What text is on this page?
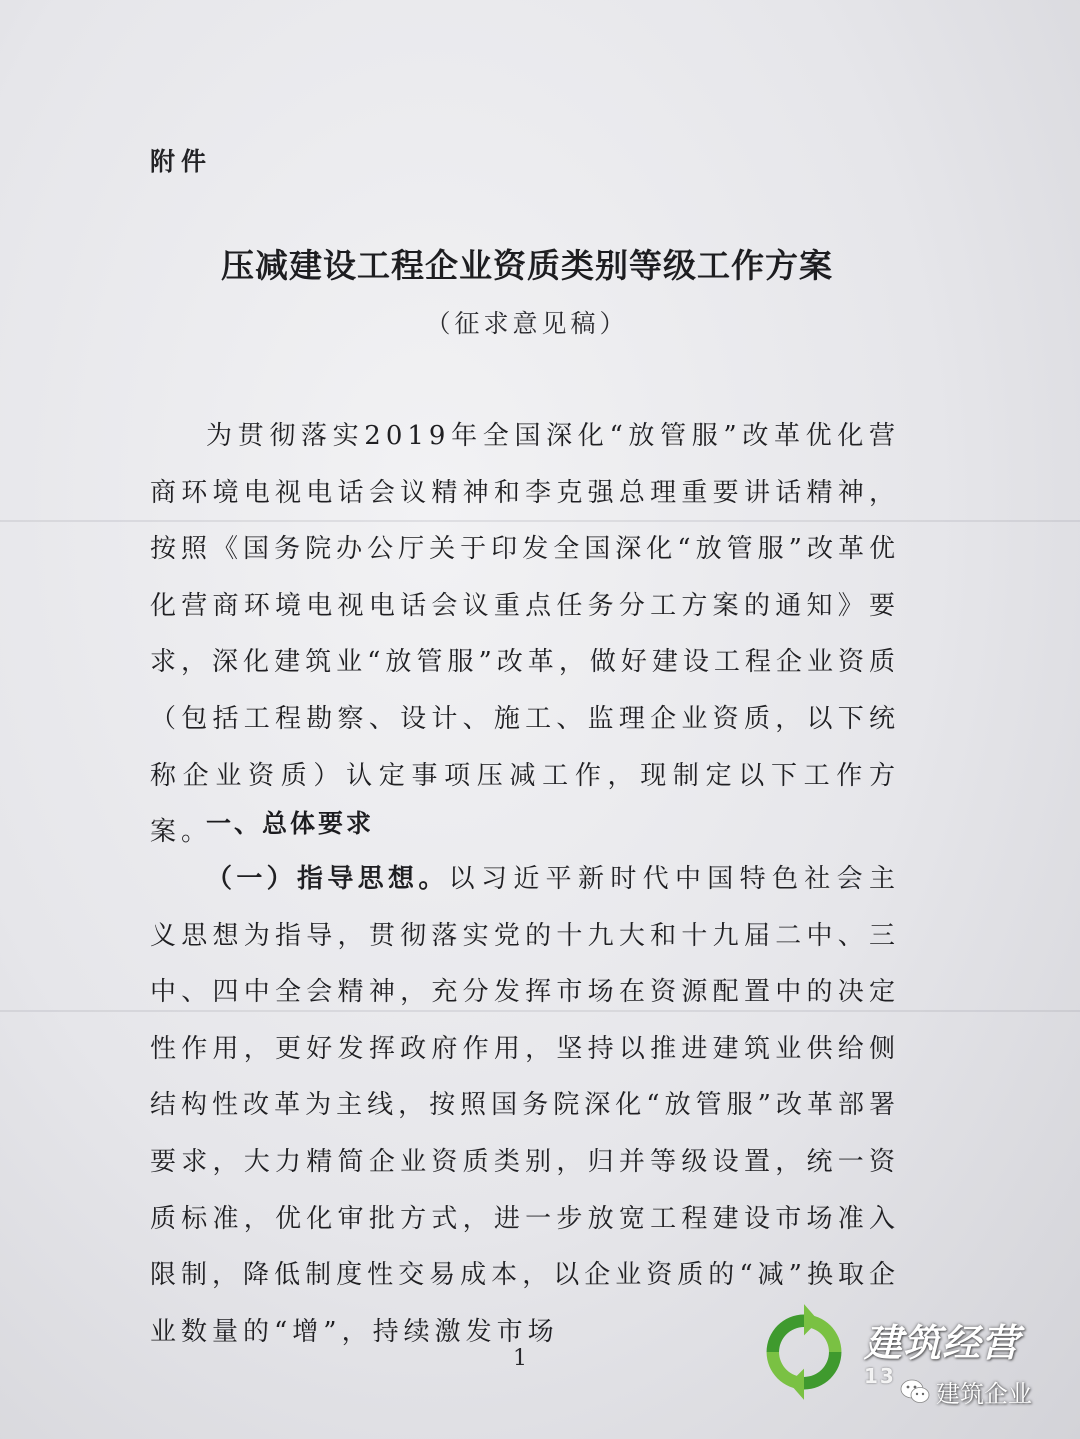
附件
压减建设工程企业资质类别等级工作方案
（征求意见稿）

为贯彻落实2019年全国深化“放管服”改革优化营商环境电视电话会议精神和李克强总理重要讲话精神，按照《国务院办公厅关于印发全国深化“放管服”改革优化营商环境电视电话会议重点任务分工方案的通知》要求，深化建筑业“放管服”改革，做好建设工程企业资质（包括工程勘察、设计、施工、监理企业资质，以下统称企业资质）认定事项压减工作，现制定以下工作方案。

一、总体要求

（一）指导思想。以习近平新时代中国特色社会主义思想为指导，贯彻落实党的十九大和十九届二中、三中、四中全会精神，充分发挥市场在资源配置中的决定性作用，更好发挥政府作用，坚持以推进建筑业供给侧结构性改革为主线，按照国务院深化“放管服”改革部署要求，大力精简企业资质类别，归并等级设置，统一资质标准，优化审批方式，进一步放宽工程建设市场准入限制，降低制度性交易成本，以企业资质的“减”换取企业数量的“增”，持续激发市场

1	建筑经营
13
建筑企业
